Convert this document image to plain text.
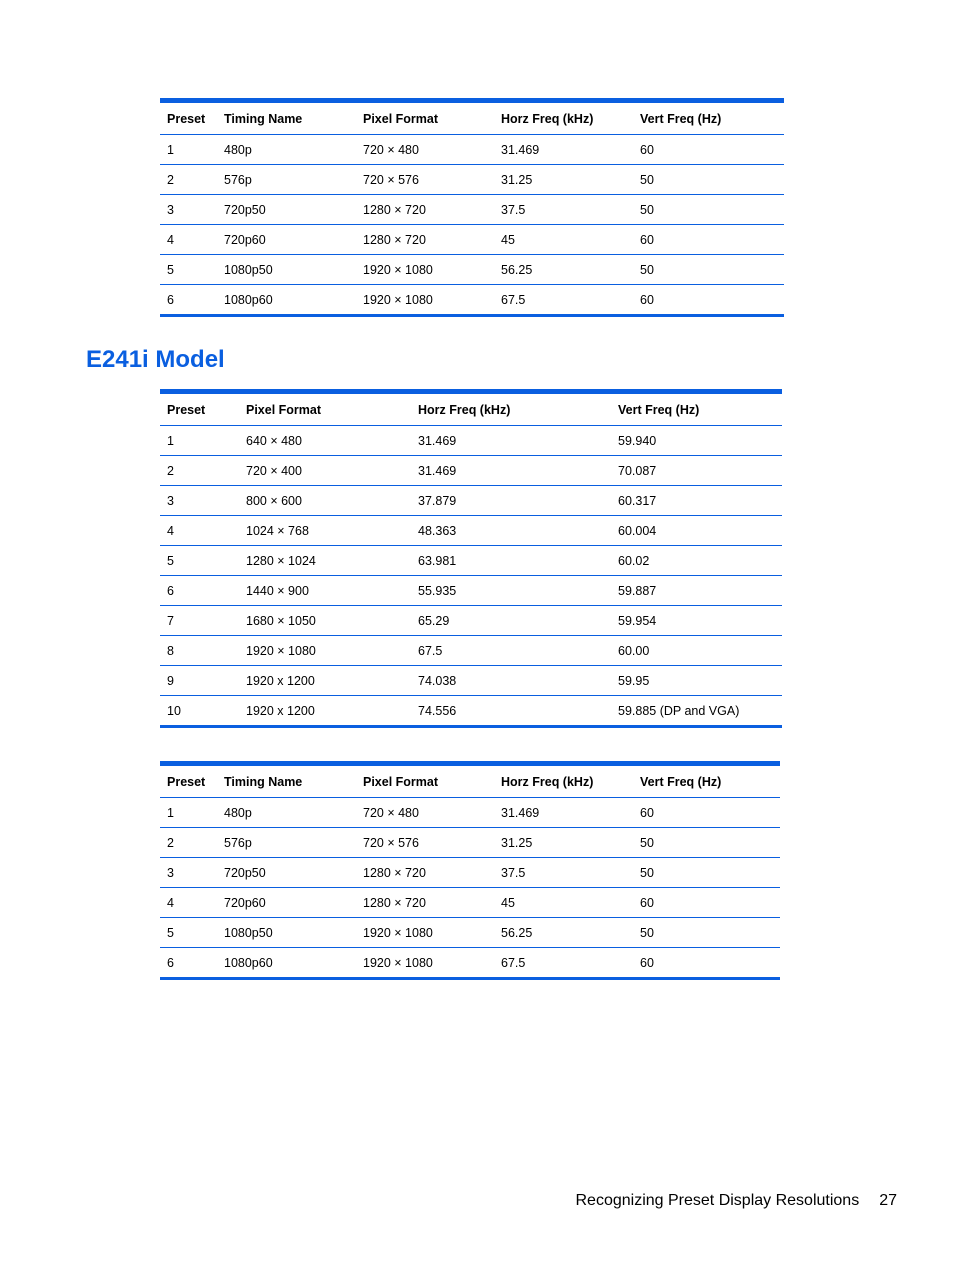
Preset	Timing Name	Pixel Format	Horz Freq (kHz)	Vert Freq (Hz)
1	480p	720 × 480	31.469	60
2	576p	720 × 576	31.25	50
3	720p50	1280 × 720	37.5	50
4	720p60	1280 × 720	45	60
5	1080p50	1920 × 1080	56.25	50
6	1080p60	1920 × 1080	67.5	60
E241i Model
Preset	Pixel Format	Horz Freq (kHz)	Vert Freq (Hz)
1	640 × 480	31.469	59.940
2	720 × 400	31.469	70.087
3	800 × 600	37.879	60.317
4	1024 × 768	48.363	60.004
5	1280 × 1024	63.981	60.02
6	1440 × 900	55.935	59.887
7	1680 × 1050	65.29	59.954
8	1920 × 1080	67.5	60.00
9	1920 x 1200	74.038	59.95
10	1920 x 1200	74.556	59.885 (DP and VGA)
Preset	Timing Name	Pixel Format	Horz Freq (kHz)	Vert Freq (Hz)
1	480p	720 × 480	31.469	60
2	576p	720 × 576	31.25	50
3	720p50	1280 × 720	37.5	50
4	720p60	1280 × 720	45	60
5	1080p50	1920 × 1080	56.25	50
6	1080p60	1920 × 1080	67.5	60
Recognizing Preset Display Resolutions 27
